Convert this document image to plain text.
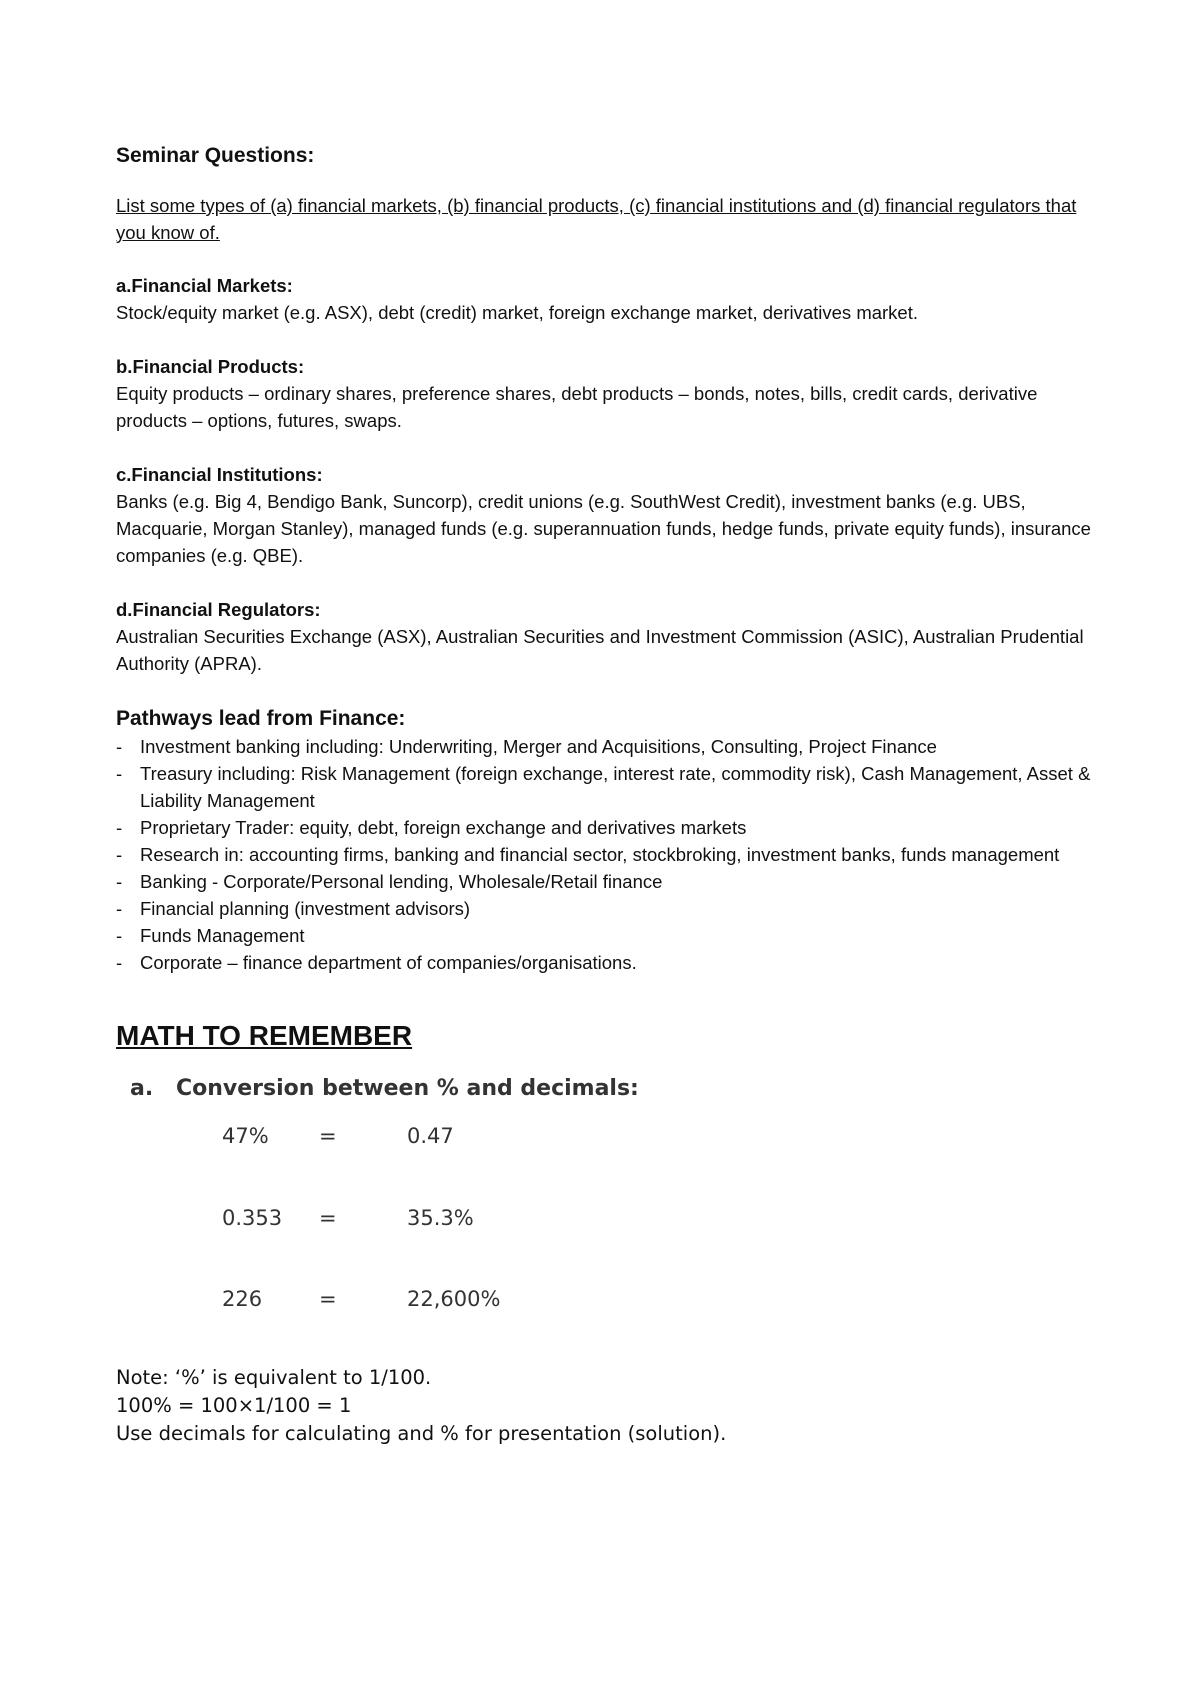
Seminar Questions:
List some types of (a) financial markets, (b) financial products, (c) financial institutions and (d) financial regulators that you know of.
a.Financial Markets:
Stock/equity market (e.g. ASX), debt (credit) market, foreign exchange market, derivatives market.
b.Financial Products:
Equity products – ordinary shares, preference shares, debt products – bonds, notes, bills, credit cards, derivative products – options, futures, swaps.
c.Financial Institutions:
Banks (e.g. Big 4, Bendigo Bank, Suncorp), credit unions (e.g. SouthWest Credit), investment banks (e.g. UBS, Macquarie, Morgan Stanley), managed funds (e.g. superannuation funds, hedge funds, private equity funds), insurance companies (e.g. QBE).
d.Financial Regulators:
Australian Securities Exchange (ASX), Australian Securities and Investment Commission (ASIC), Australian Prudential Authority (APRA).
Pathways lead from Finance:
- Investment banking including: Underwriting, Merger and Acquisitions, Consulting, Project Finance
- Treasury including: Risk Management (foreign exchange, interest rate, commodity risk), Cash Management, Asset & Liability Management
- Proprietary Trader: equity, debt, foreign exchange and derivatives markets
- Research in: accounting firms, banking and financial sector, stockbroking, investment banks, funds management
- Banking - Corporate/Personal lending, Wholesale/Retail finance
- Financial planning (investment advisors)
- Funds Management
- Corporate – finance department of companies/organisations.
MATH TO REMEMBER
a. Conversion between % and decimals:
47% =	0.47
0.353 =	35.3%
226	=	22,600%
Note: ‘%’ is equivalent to 1/100.
100% = 100×1/100 = 1
Use decimals for calculating and % for presentation (solution).
